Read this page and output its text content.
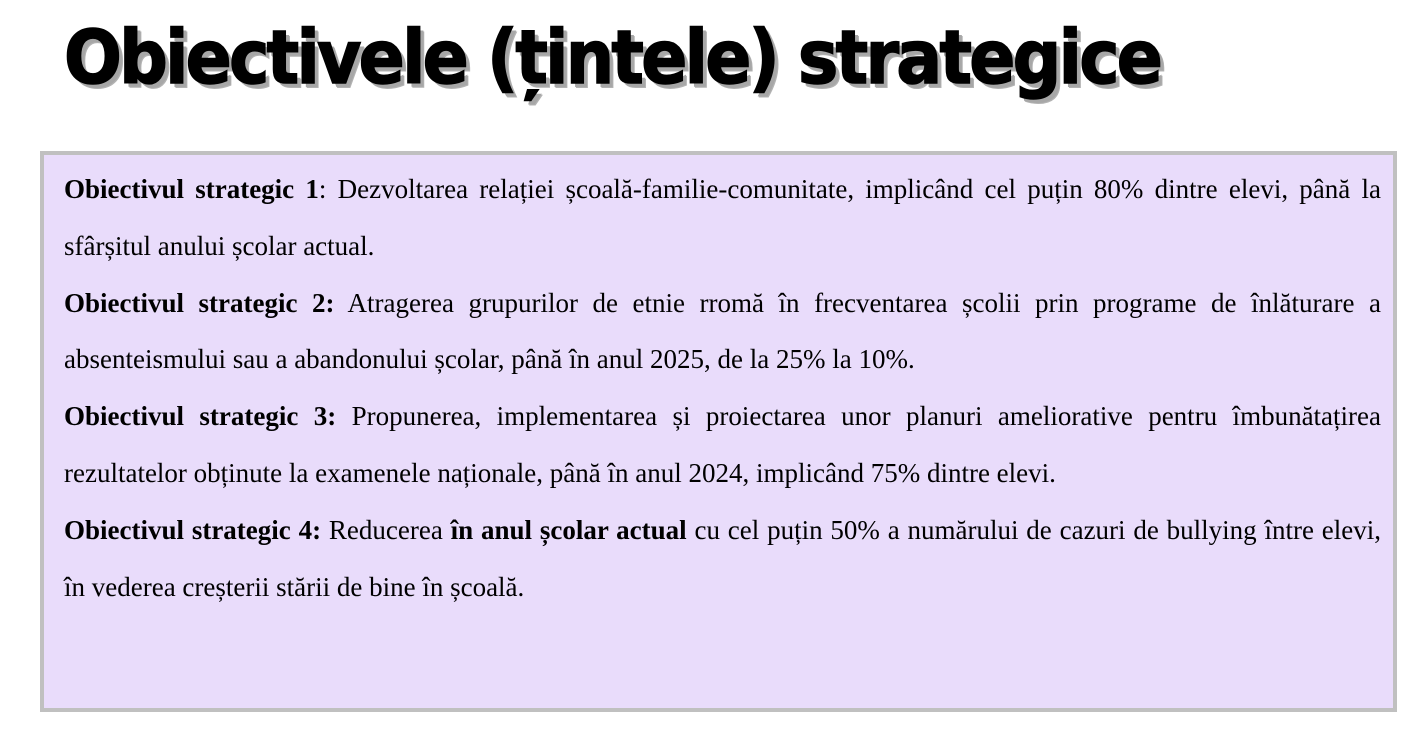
Obiectivele (țintele) strategice

Obiectivul strategic 1: Dezvoltarea relației școală-familie-comunitate, implicând cel puțin 80% dintre elevi, până la sfârșitul anului școlar actual.

Obiectivul strategic 2: Atragerea grupurilor de etnie rromă în frecventarea școlii prin programe de înlăturare a absenteismului sau a abandonului școlar, până în anul 2025, de la 25% la 10%.

Obiectivul strategic 3: Propunerea, implementarea și proiectarea unor planuri ameliorative pentru îmbunătațirea rezultatelor obținute la examenele naționale, până în anul 2024, implicând 75% dintre elevi.

Obiectivul strategic 4: Reducerea în anul școlar actual cu cel puțin 50% a numărului de cazuri de bullying între elevi, în vederea creșterii stării de bine în școală.
